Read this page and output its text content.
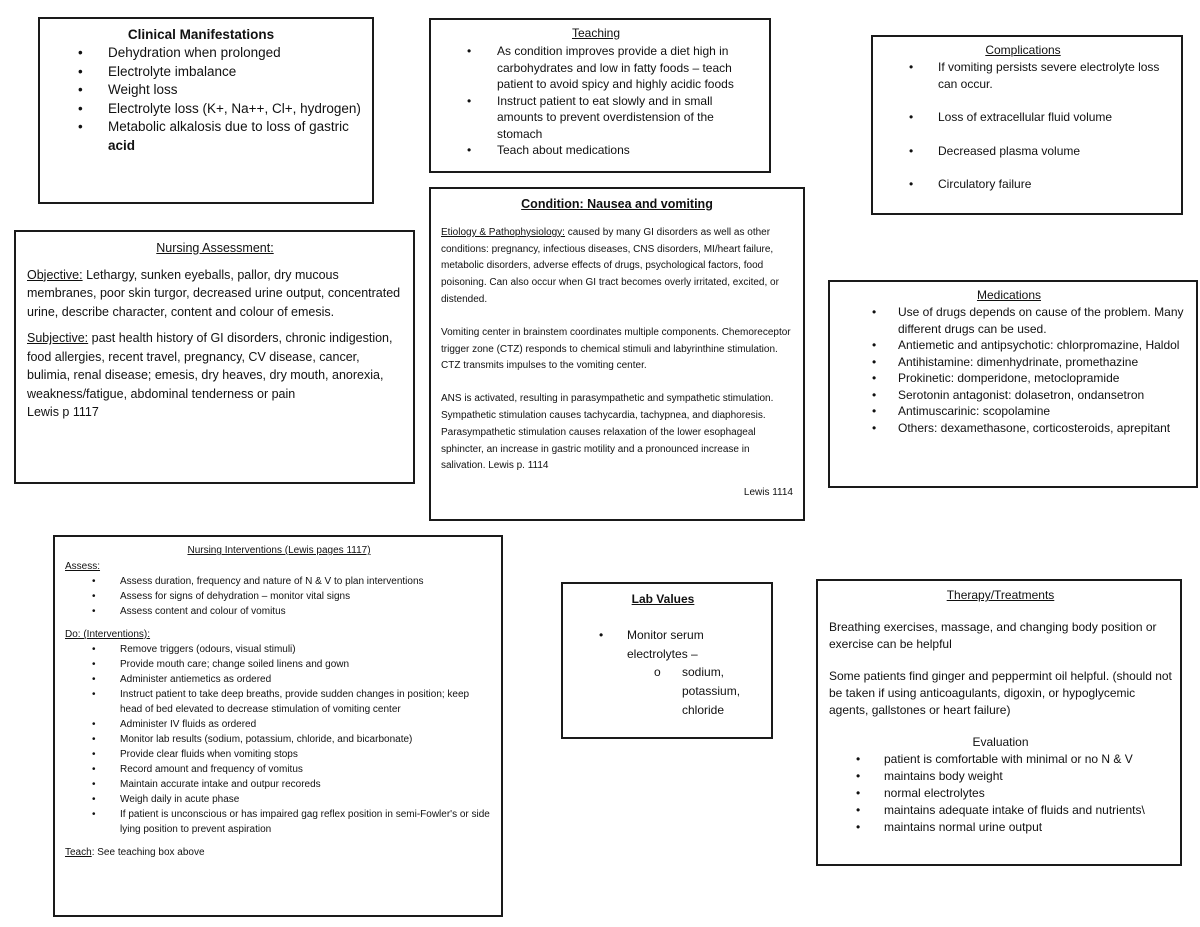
Clinical Manifestations
• Dehydration when prolonged
• Electrolyte imbalance
• Weight loss
• Electrolyte loss (K+, Na++, Cl+, hydrogen)
• Metabolic alkalosis due to loss of gastric acid
Teaching
• As condition improves provide a diet high in carbohydrates and low in fatty foods – teach patient to avoid spicy and highly acidic foods
• Instruct patient to eat slowly and in small amounts to prevent overdistension of the stomach
• Teach about medications
Complications
• If vomiting persists severe electrolyte loss can occur.
• Loss of extracellular fluid volume
• Decreased plasma volume
• Circulatory failure
Nursing Assessment:

Objective: Lethargy, sunken eyeballs, pallor, dry mucous membranes, poor skin turgor, decreased urine output, concentrated urine, describe character, content and colour of emesis.

Subjective: past health history of GI disorders, chronic indigestion, food allergies, recent travel, pregnancy, CV disease, cancer, bulimia, renal disease; emesis, dry heaves, dry mouth, anorexia, weakness/fatigue, abdominal tenderness or pain

Lewis p 1117

Condition: Nausea and vomiting

Etiology & Pathophysiology: caused by many GI disorders as well as other conditions: pregnancy, infectious diseases, CNS disorders, MI/heart failure, metabolic disorders, adverse effects of drugs, psychological factors, food poisoning. Can also occur when GI tract becomes overly irritated, excited, or distended.

Vomiting center in brainstem coordinates multiple components. Chemoreceptor trigger zone (CTZ) responds to chemical stimuli and labyrinthine stimulation. CTZ transmits impulses to the vomiting center.

ANS is activated, resulting in parasympathetic and sympathetic stimulation. Sympathetic stimulation causes tachycardia, tachypnea, and diaphoresis. Parasympathetic stimulation causes relaxation of the lower esophageal sphincter, an increase in gastric motility and a pronounced increase in salivation. Lewis p. 1114

Lewis 1114

Medications
• Use of drugs depends on cause of the problem. Many different drugs can be used.
• Antiemetic and antipsychotic: chlorpromazine, Haldol
• Antihistamine: dimenhydrinate, promethazine
• Prokinetic: domperidone, metoclopramide
• Serotonin antagonist: dolasetron, ondansetron
• Antimuscarinic: scopolamine
• Others: dexamethasone, corticosteroids, aprepitant
Nursing Interventions (Lewis pages 1117)
Assess:
• Assess duration, frequency and nature of N & V to plan interventions
• Assess for signs of dehydration – monitor vital signs
• Assess content and colour of vomitus
Do: (Interventions):
• Remove triggers (odours, visual stimuli)
• Provide mouth care; change soiled linens and gown
• Administer antiemetics as ordered
• Instruct patient to take deep breaths, provide sudden changes in position; keep head of bed elevated to decrease stimulation of vomiting center
• Administer IV fluids as ordered
• Monitor lab results (sodium, potassium, chloride, and bicarbonate)
• Provide clear fluids when vomiting stops
• Record amount and frequency of vomitus
• Maintain accurate intake and outpur recoreds
• Weigh daily in acute phase
• If patient is unconscious or has impaired gag reflex position in semi-Fowler's or side lying position to prevent aspiration
Teach: See teaching box above
Lab Values
• Monitor serum electrolytes –
o sodium, potassium, chloride
Therapy/Treatments

Breathing exercises, massage, and changing body position or exercise can be helpful

Some patients find ginger and peppermint oil helpful. (should not be taken if using anticoagulants, digoxin, or hypoglycemic agents, gallstones or heart failure)

Evaluation

• patient is comfortable with minimal or no N & V
• maintains body weight
• normal electrolytes
• maintains adequate intake of fluids and nutrients\
• maintains normal urine output
